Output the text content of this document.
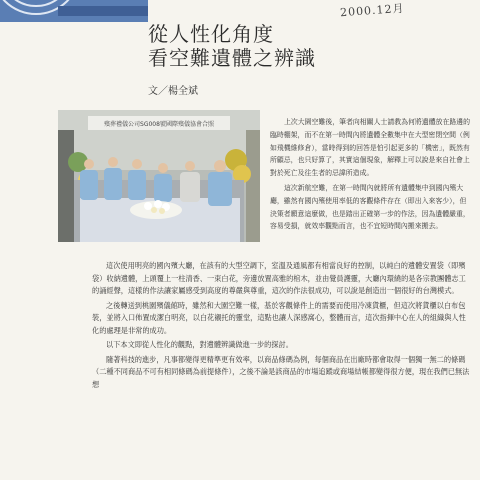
2000.12月
從人性化角度
看空難遺體之辨識
文／楊全斌
殯葬禮儀公司SG008號國際殯儀協會合照	上次大園空難後，筆者向相關人士請教為何將遺體放在路邊的臨時棚架，而不在第一時間內將遺體全數集中在大型密閉空間（例如飛機維修倉），當時得到的回答是怕引起更多的「機密」，既然有所顧忌，也只好算了，其實這個現象，解釋上可以說是來自社會上對於死亡及往生者的忌諱所造成。

這次新航空難，在第一時間內就將所有遺體集中到國內殯大廳，雖然有國內殯使用率低的客觀條件存在（即出入來客少），但決策者願意這麼做，也是踏出正確第一步的作法，因為遺體嚴重，容易受損，就效率觀點而言，也不宜短時間內搬來搬去。

這次使用明亮的國內殯大廳，在該有的大型空調下，室溫及通風都有相當良好的控制，以純白的遺體安置袋（即殯袋）收納遺體，上頭覆上一柱清香、一束白花，旁邊放置高雅的棺木，並由覺員護靈，大廳內環繞的是各宗教團體志工的誦經聲，這樣的作法讓家屬感受到高度的尊嚴與尊重，這次的作法很成功，可以說是創造出一個很好的台灣模式。

之後轉送到桃園殯儀館時，雖然和大園空難一樣，基於客觀條件上的需要而使用冷凍貨櫃，但這次將貨櫃以白布包裝，並將入口佈置成潔白明亮，以白花襯托的靈堂，這點也讓人深感窩心，整體而言，這次指揮中心在人的組織與人性化的處理是非常的成功。

以下本文即從人性化的觀點，對遺體辨識做進一步的探討。

隨著科技的進步，凡事都變得更精準更有效率，以商品條碼為例，每個商品在出廠時都會取得一個獨一無二的條碼（二種不同商品不可有相同條碼為前提條件），之後不論是該商品的市場追蹤或商場結帳都變得很方便，現在我們已無法想
